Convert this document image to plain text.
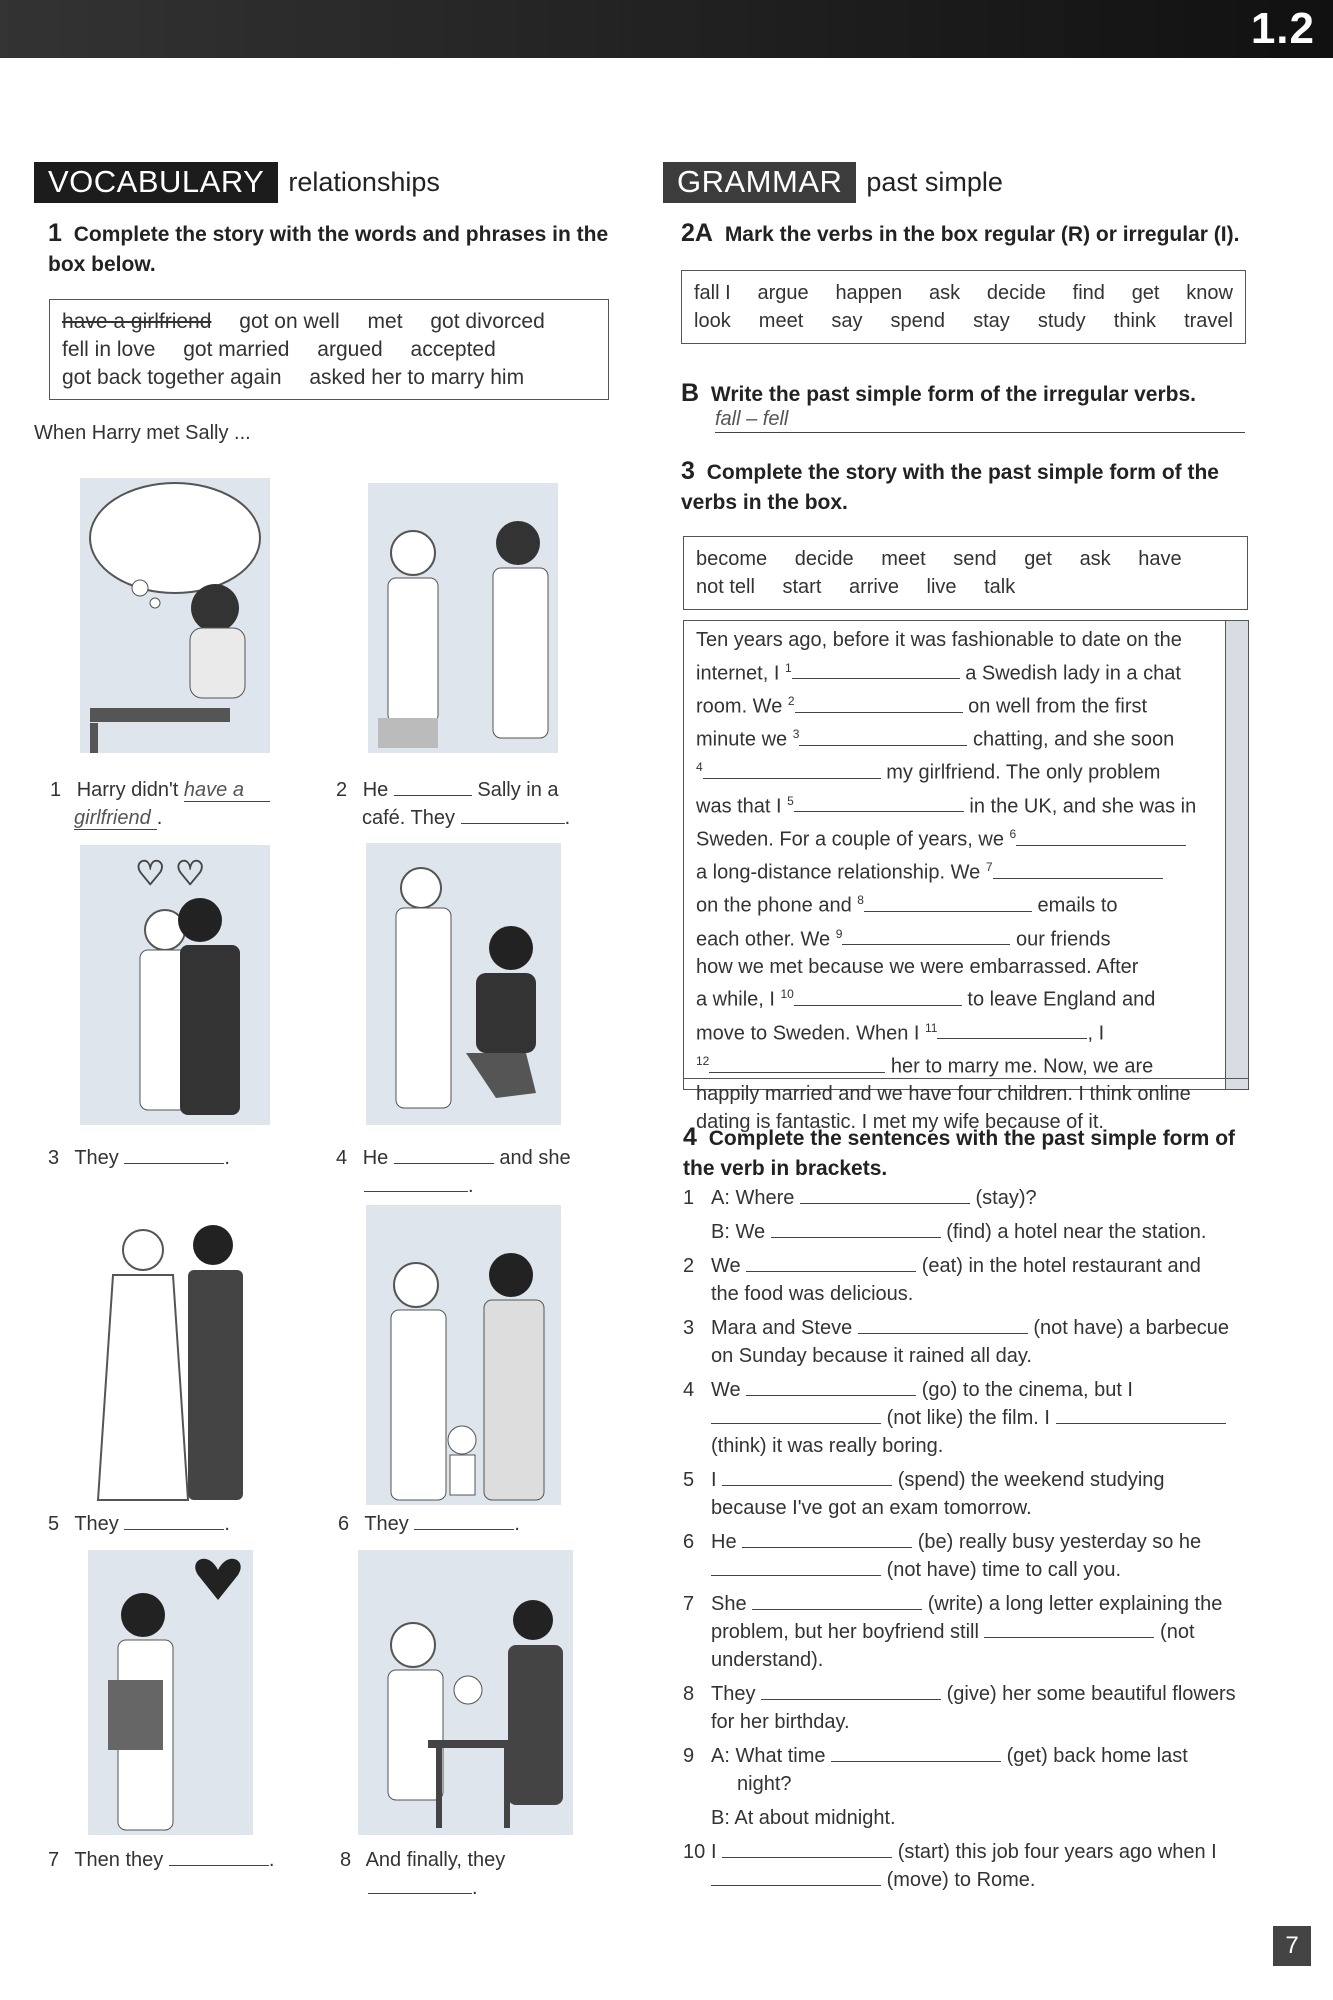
1.2
VOCABULARY relationships
1 Complete the story with the words and phrases in the box below.
have a girlfriend got on well met got divorced
fell in love got married argued accepted
got back together again asked her to marry him
When Harry met Sally ...
♡ ♡
1 Harry didn't have a
girlfriend .
2 He	Sally in a
café. They	.
3 They	.	4 He	and she
.
5 They	.	6 They	.
7 Then they	.	8 And finally, they
.
GRAMMAR past simple
2A Mark the verbs in the box regular (R) or irregular (I).
fall I argue happen ask decide find get know
look meet say spend stay study think travel
B Write the past simple form of the irregular verbs.
fall – fell
3 Complete the story with the past simple form of the verbs in the box.
become decide meet send get ask have
not tell start arrive live talk
Ten years ago, before it was fashionable to date on the
internet, I $^1$	a Swedish lady in a chat
room. We $^2$	on well from the first
minute we $^3$	chatting, and she soon
$^4$	my girlfriend. The only problem
was that I $^5$	in the UK, and she was in
Sweden. For a couple of years, we $^6$
a long-distance relationship. We $^7$
on the phone and $^8$	emails to
each other. We $^9$	our friends
how we met because we were embarrassed. After
a while, I $^{10}$	to leave England and
move to Sweden. When I $^{11}$	, I
$^{12}$	her to marry me. Now, we are
happily married and we have four children. I think online
dating is fantastic. I met my wife because of it.
4 Complete the sentences with the past simple form of the verb in brackets.
1 A: Where	(stay)?
B: We	(find) a hotel near the station.
2 We	(eat) in the hotel restaurant and
the food was delicious.
3 Mara and Steve	(not have) a barbecue
on Sunday because it rained all day.
4 We	(go) to the cinema, but I
(not like) the film. I
(think) it was really boring.
5 I	(spend) the weekend studying
because I've got an exam tomorrow.
6 He	(be) really busy yesterday so he
(not have) time to call you.
7 She	(write) a long letter explaining the
problem, but her boyfriend still	(not
understand).
8 They	(give) her some beautiful flowers
for her birthday.
9 A: What time	(get) back home last
night?
B: At about midnight.
10 I	(start) this job four years ago when I
(move) to Rome.
7
